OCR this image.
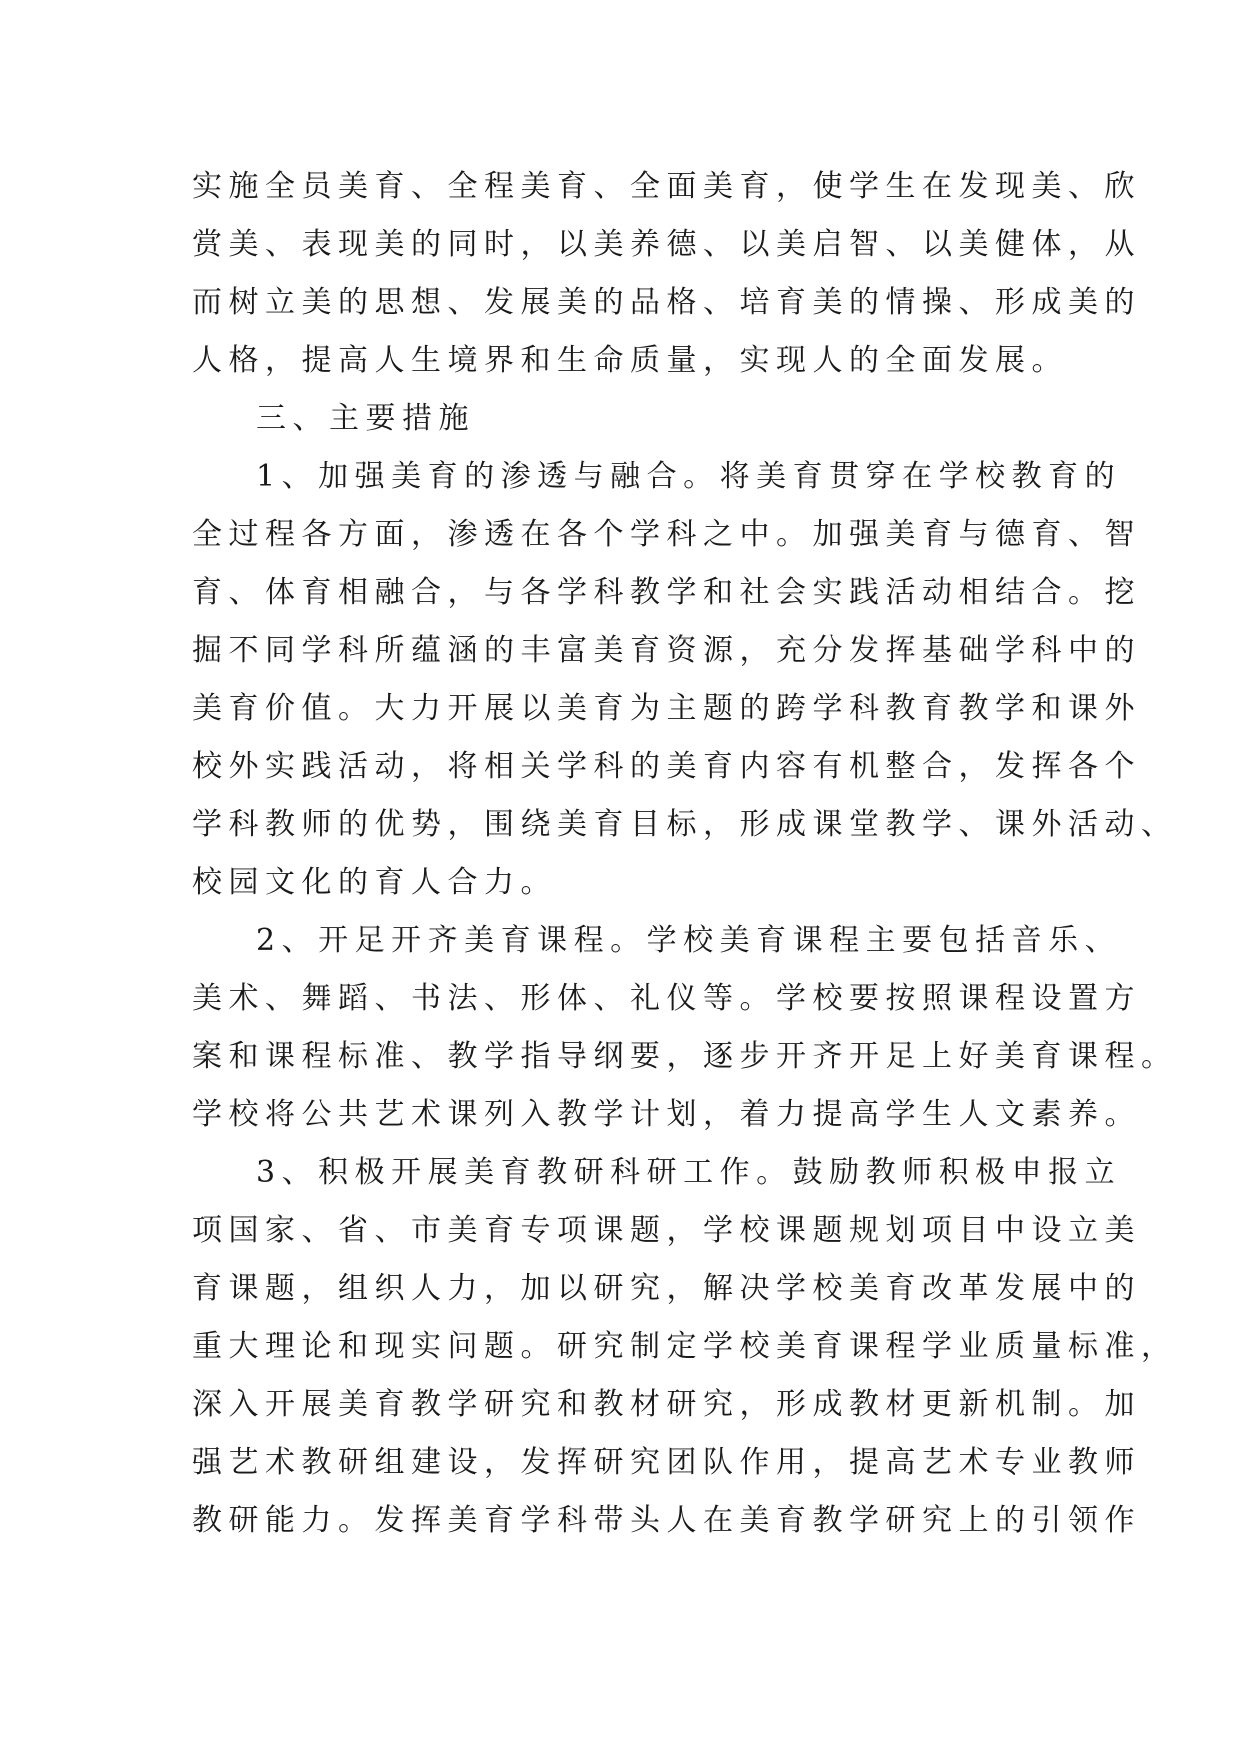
实施全员美育、全程美育、全面美育，使学生在发现美、欣
赏美、表现美的同时，以美养德、以美启智、以美健体，从
而树立美的思想、发展美的品格、培育美的情操、形成美的
人格，提高人生境界和生命质量，实现人的全面发展。
三、主要措施
1、加强美育的渗透与融合。将美育贯穿在学校教育的
全过程各方面，渗透在各个学科之中。加强美育与德育、智
育、体育相融合，与各学科教学和社会实践活动相结合。挖
掘不同学科所蕴涵的丰富美育资源，充分发挥基础学科中的
美育价值。大力开展以美育为主题的跨学科教育教学和课外
校外实践活动，将相关学科的美育内容有机整合，发挥各个
学科教师的优势，围绕美育目标，形成课堂教学、课外活动、
校园文化的育人合力。
2、开足开齐美育课程。学校美育课程主要包括音乐、
美术、舞蹈、书法、形体、礼仪等。学校要按照课程设置方
案和课程标准、教学指导纲要，逐步开齐开足上好美育课程。
学校将公共艺术课列入教学计划，着力提高学生人文素养。
3、积极开展美育教研科研工作。鼓励教师积极申报立
项国家、省、市美育专项课题，学校课题规划项目中设立美
育课题，组织人力，加以研究，解决学校美育改革发展中的
重大理论和现实问题。研究制定学校美育课程学业质量标准，
深入开展美育教学研究和教材研究，形成教材更新机制。加
强艺术教研组建设，发挥研究团队作用，提高艺术专业教师
教研能力。发挥美育学科带头人在美育教学研究上的引领作
